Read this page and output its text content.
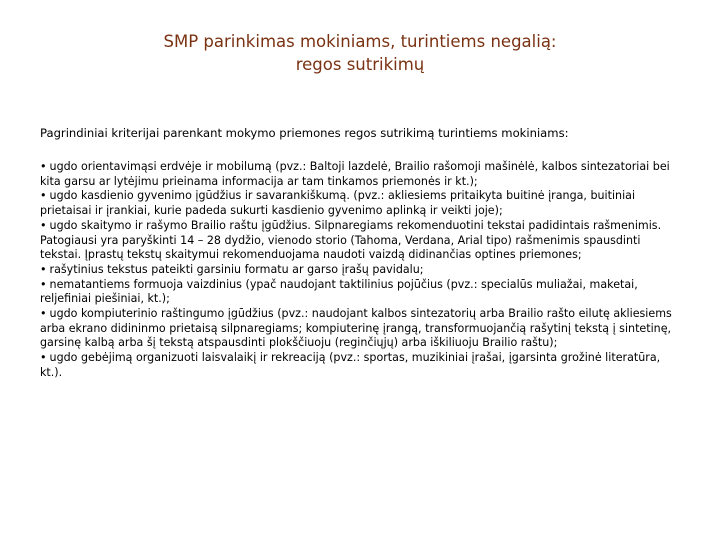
SMP parinkimas mokiniams, turintiems negalią:
regos sutrikimų

Pagrindiniai kriterijai parenkant mokymo priemones regos sutrikimą turintiems mokiniams:

• ugdo orientavimąsi erdvėje ir mobilumą (pvz.: Baltoji lazdelė, Brailio rašomoji mašinėlė, kalbos sintezatoriai bei kita garsu ar lytėjimu prieinama informacija ar tam tinkamos priemonės ir kt.);
• ugdo kasdienio gyvenimo įgūdžius ir savarankiškumą. (pvz.: akliesiems pritaikyta buitinė įranga, buitiniai prietaisai ir įrankiai, kurie padeda sukurti kasdienio gyvenimo aplinką ir veikti joje);
• ugdo skaitymo ir rašymo Brailio raštu įgūdžius. Silpnaregiams rekomenduotini tekstai padidintais rašmenimis. Patogiausi yra paryškinti 14 – 28 dydžio, vienodo storio (Tahoma, Verdana, Arial tipo) rašmenimis spausdinti tekstai. Įprastų tekstų skaitymui rekomenduojama naudoti vaizdą didinančias optines priemones;
• rašytinius tekstus pateikti garsiniu formatu ar garso įrašų pavidalu;
• nematantiems formuoja vaizdinius (ypač naudojant taktilinius pojūčius (pvz.: specialūs muliažai, maketai, reljefiniai piešiniai, kt.);
• ugdo kompiuterinio raštingumo įgūdžius (pvz.: naudojant kalbos sintezatorių arba Brailio rašto eilutę akliesiems arba ekrano didininmo prietaisą silpnaregiams; kompiuterinę įrangą, transformuojančią rašytinį tekstą į sintetinę, garsinę kalbą arba šį tekstą atspausdinti plokščiuoju (reginčiųjų) arba iškiliuoju Brailio raštu);
• ugdo gebėjimą organizuoti laisvalaikį ir rekreaciją (pvz.: sportas, muzikiniai įrašai, įgarsinta grožinė literatūra, kt.).
